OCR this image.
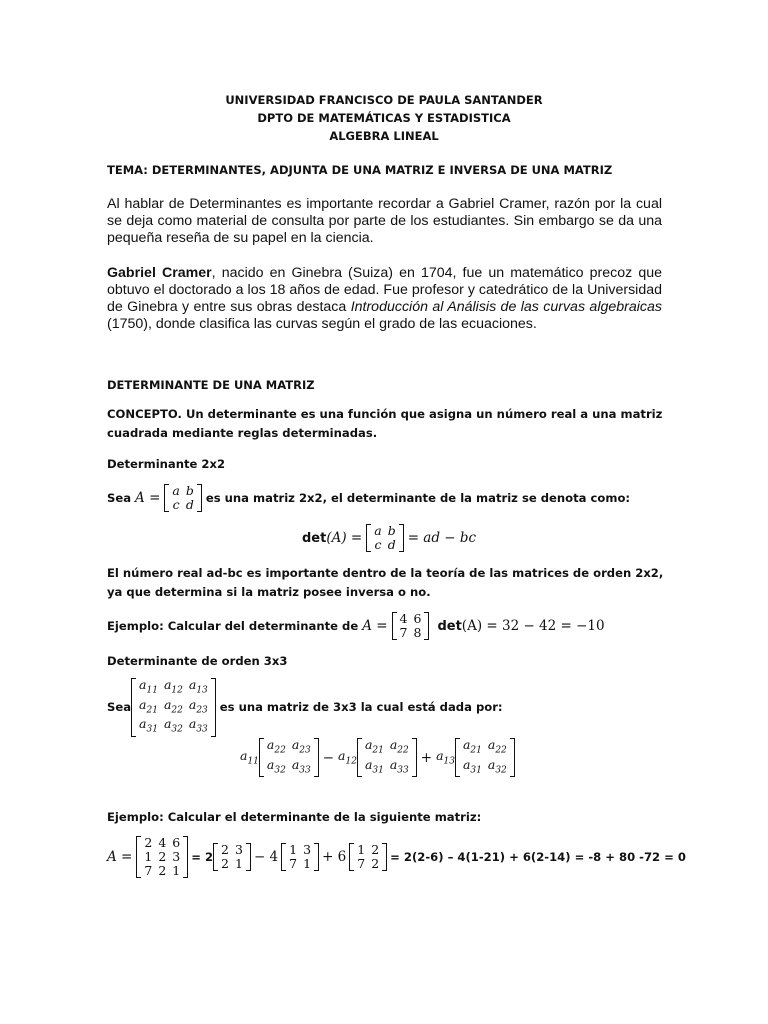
UNIVERSIDAD FRANCISCO DE PAULA SANTANDER
DPTO DE MATEMÁTICAS Y ESTADISTICA
ALGEBRA LINEAL
TEMA: DETERMINANTES, ADJUNTA DE UNA MATRIZ E INVERSA DE UNA MATRIZ
Al hablar de Determinantes es importante recordar a Gabriel Cramer, razón por la cual se deja como material de consulta por parte de los estudiantes. Sin embargo se da una pequeña reseña de su papel en la ciencia.
Gabriel Cramer, nacido en Ginebra (Suiza) en 1704, fue un matemático precoz que obtuvo el doctorado a los 18 años de edad. Fue profesor y catedrático de la Universidad de Ginebra y entre sus obras destaca Introducción al Análisis de las curvas algebraicas (1750), donde clasifica las curvas según el grado de las ecuaciones.
DETERMINANTE DE UNA MATRIZ
CONCEPTO. Un determinante es una función que asigna un número real a una matriz cuadrada mediante reglas determinadas.
Determinante 2x2
Sea
A =
a	b
c	d
es una matriz 2x2, el determinante de la matriz se denota como:
det (A) =
a	b
c	d
= ad − bc
El número real ad-bc es importante dentro de la teoría de las matrices de orden 2x2, ya que determina si la matriz posee inversa o no.
Ejemplo: Calcular del determinante de
A =
4	6
7	8
det (A) = 32 − 42 = −10
Determinante de orden 3x3
Sea
$a_{11}$	$a_{12}$	$a_{13}$
$a_{21}$	$a_{22}$	$a_{23}$
$a_{31}$	$a_{32}$	$a_{33}$

es una matriz de 3x3 la cual está dada por:
$a_{11}$
$a_{22}$	$a_{23}$
$a_{32}$	$a_{33}$
− $a_{12}$
$a_{21}$	$a_{22}$
$a_{31}$	$a_{33}$
+ $a_{13}$
$a_{21}$	$a_{22}$
$a_{31}$	$a_{32}$
Ejemplo: Calcular el determinante de la siguiente matriz:
A =

2	4	6
1	2	3
7	2	1
= 2 2	3
2	1 − 4 1	3
7	1 + 6 1	2
7	2 = 2(2-6) – 4(1-21) + 6(2-14) = -8 + 80 -72 = 0
